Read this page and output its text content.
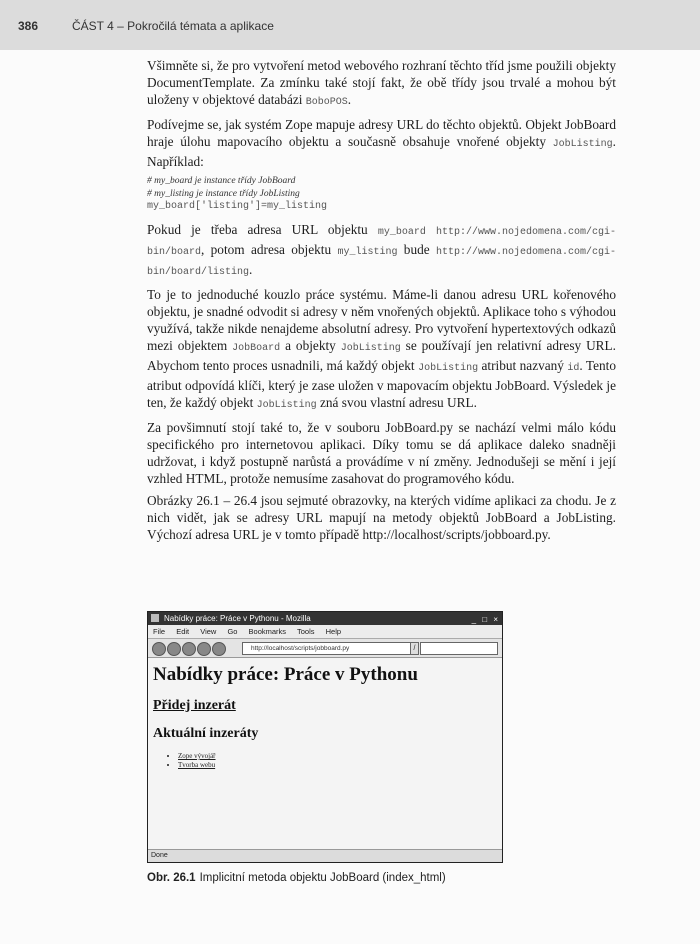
386	ČÁST 4 – Pokročilá témata a aplikace

Všimněte si, že pro vytvoření metod webového rozhraní těchto tříd jsme použili objekty DocumentTemplate. Za zmínku také stojí fakt, že obě třídy jsou trvalé a mohou být uloženy v objektové databázi BoboPOS.

Podívejme se, jak systém Zope mapuje adresy URL do těchto objektů. Objekt JobBoard hraje úlohu mapovacího objektu a současně obsahuje vnořené objekty JobListing. Například:

# my_board je instance třídy JobBoard
# my_listing je instance třídy JobListing
my_board['listing']=my_listing

Pokud je třeba adresa URL objektu my_board http://www.nojedomena.com/cgi-bin/board, potom adresa objektu my_listing bude http://www.nojedomena.com/cgi-bin/board/listing.

To je to jednoduché kouzlo práce systému. Máme-li danou adresu URL kořenového objektu, je snadné odvodit si adresy v něm vnořených objektů. Aplikace toho s výhodou využívá, takže nikde nenajdeme absolutní adresy. Pro vytvoření hypertextových odkazů mezi objektem JobBoard a objekty JobListing se používají jen relativní adresy URL. Abychom tento proces usnadnili, má každý objekt JobListing atribut nazvaný id. Tento atribut odpovídá klíči, který je zase uložen v mapovacím objektu JobBoard. Výsledek je ten, že každý objekt JobListing zná svou vlastní adresu URL.

Za povšimnutí stojí také to, že v souboru JobBoard.py se nachází velmi málo kódu specifického pro internetovou aplikaci. Díky tomu se dá aplikace daleko snadněji udržovat, i když postupně narůstá a provádíme v ní změny. Jednodušeji se mění i její vzhled HTML, protože nemusíme zasahovat do programového kódu.

Obrázky 26.1 – 26.4 jsou sejmuté obrazovky, na kterých vidíme aplikaci za chodu. Je z nich vidět, jak se adresy URL mapují na metody objektů JobBoard a JobListing. Výchozí adresa URL je v tomto případě http://localhost/scripts/jobboard.py.

Nabídky práce: Práce v Pythonu - Mozilla	_ □ ×
File Edit View Go Bookmarks Tools Help
http://localhost/scripts/jobboard.py	/
Nabídky práce: Práce v Pythonu
Přidej inzerát
Aktuální inzeráty
• Zope vývojář
• Tvorba webu
Done
Obr. 26.1 Implicitní metoda objektu JobBoard (index_html)
